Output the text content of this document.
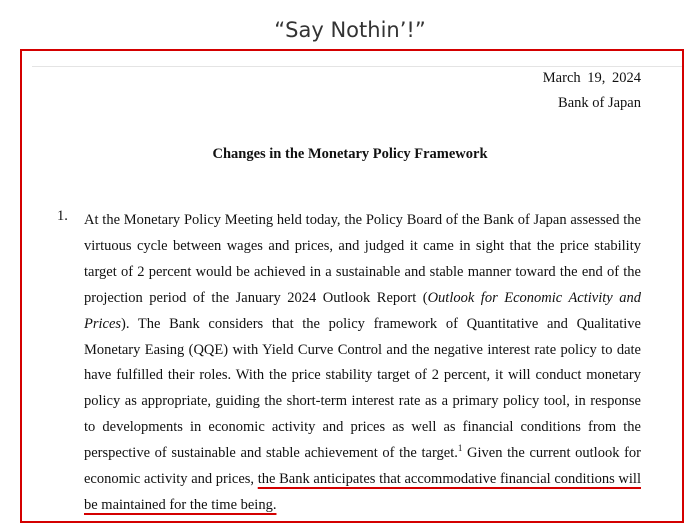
“Say Nothin’!”
March 19, 2024
Bank of Japan
Changes in the Monetary Policy Framework
1. At the Monetary Policy Meeting held today, the Policy Board of the Bank of Japan assessed the virtuous cycle between wages and prices, and judged it came in sight that the price stability target of 2 percent would be achieved in a sustainable and stable manner toward the end of the projection period of the January 2024 Outlook Report (Outlook for Economic Activity and Prices). The Bank considers that the policy framework of Quantitative and Qualitative Monetary Easing (QQE) with Yield Curve Control and the negative interest rate policy to date have fulfilled their roles. With the price stability target of 2 percent, it will conduct monetary policy as appropriate, guiding the short-term interest rate as a primary policy tool, in response to developments in economic activity and prices as well as financial conditions from the perspective of sustainable and stable achievement of the target.$^1$ Given the current outlook for economic activity and prices, the Bank anticipates that accommodative financial conditions will be maintained for the time being.
